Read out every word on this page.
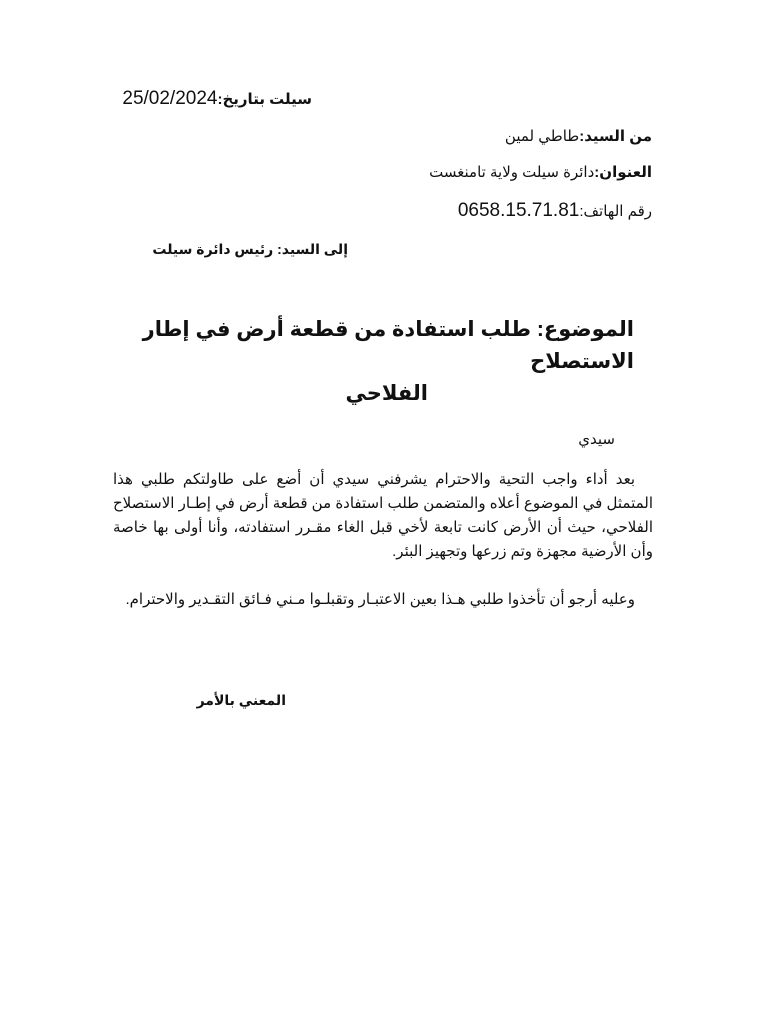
سيلت بتاريخ:25/02/2024
من السيد:طاطي لمين
العنوان:دائرة سيلت ولاية تامنغست
رقم الهاتف:0658.15.71.81
إلى السيد: رئيس دائرة سيلت
الموضوع: طلب استفادة من قطعة أرض في إطار الاستصلاح
الفلاحي
سيدي
بعد أداء واجب التحية والاحترام يشرفني سيدي أن أضع على طاولتكم طلبي هذا المتمثل في الموضوع أعلاه والمتضمن طلب استفادة من قطعة أرض في إطـار الاستصلاح الفلاحي، حيث أن الأرض كانت تابعة لأخي قبل الغاء مقـرر استفادته، وأنا أولى بها خاصة وأن الأرضية مجهزة وتم زرعها وتجهيز البئر.
وعليه أرجو أن تأخذوا طلبي هـذا بعين الاعتبـار وتقبلـوا مـني فـائق التقـدير والاحترام.
المعني بالأمر
